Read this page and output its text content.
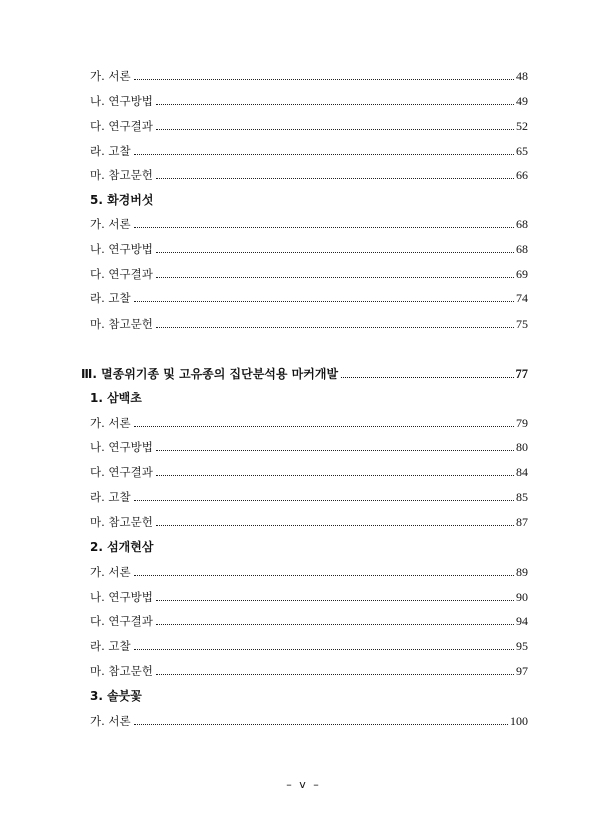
가. 서론	48
나. 연구방법	49
다. 연구결과	52
라. 고찰	65
마. 참고문헌	66
5. 화경버섯
가. 서론	68
나. 연구방법	68
다. 연구결과	69
라. 고찰	74
마. 참고문헌	75
Ⅲ. 멸종위기종 및 고유종의 집단분석용 마커개발	77
1. 삼백초
가. 서론	79
나. 연구방법	80
다. 연구결과	84
라. 고찰	85
마. 참고문헌	87
2. 섬개현삼
가. 서론	89
나. 연구방법	90
다. 연구결과	94
라. 고찰	95
마. 참고문헌	97
3. 솔붓꽃
가. 서론	100
– v –
